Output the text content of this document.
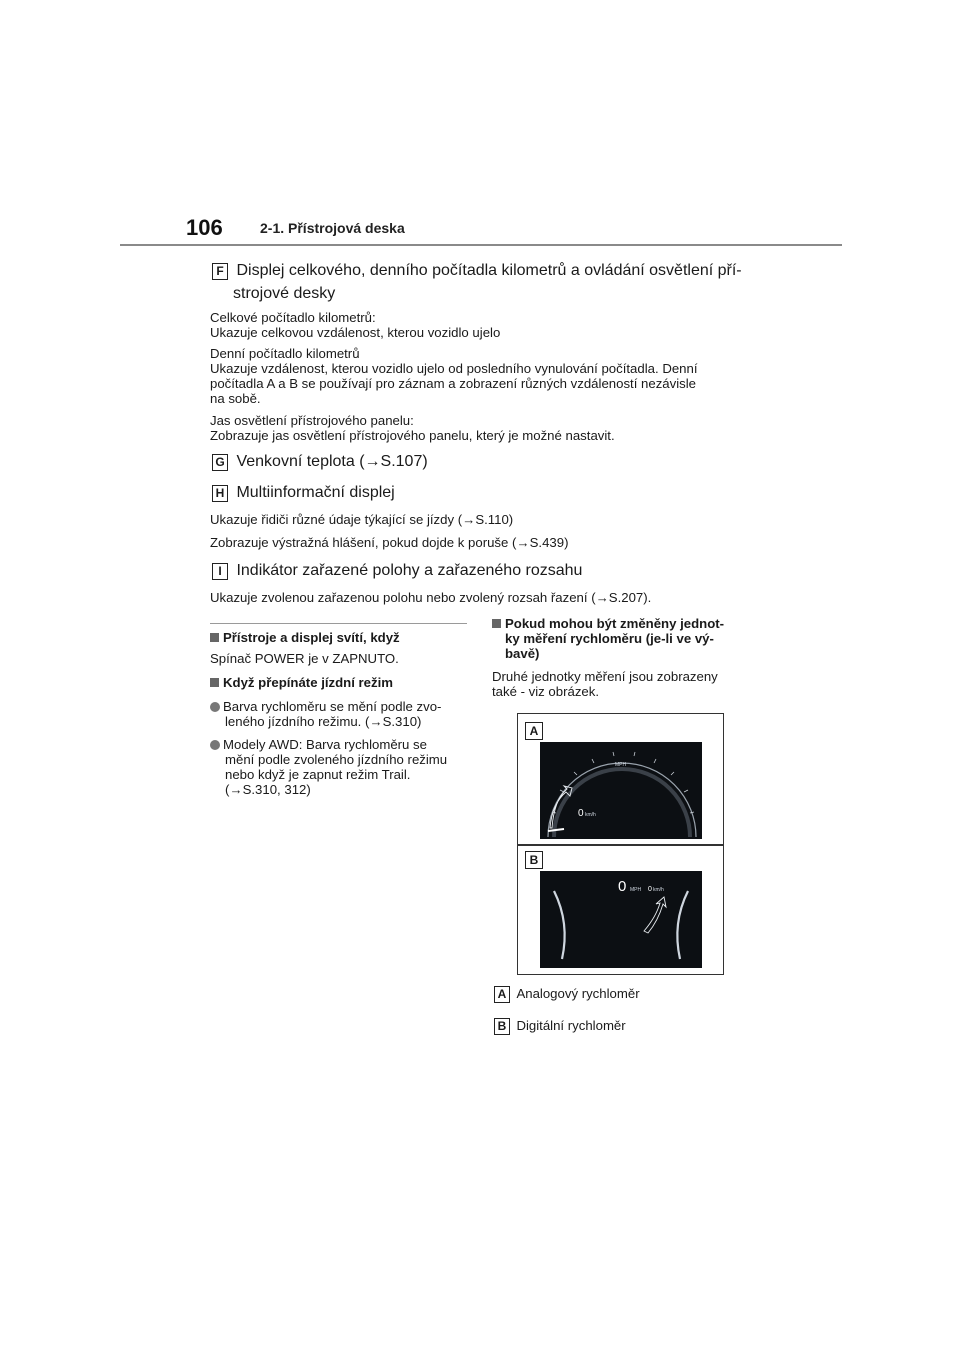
106	2-1. Přístrojová deska
F Displej celkového, denního počítadla kilometrů a ovládání osvětlení pří-
strojové desky
Celkové počítadlo kilometrů:
Ukazuje celkovou vzdálenost, kterou vozidlo ujelo
Denní počítadlo kilometrů
Ukazuje vzdálenost, kterou vozidlo ujelo od posledního vynulování počítadla. Denní
počítadla A a B se používají pro záznam a zobrazení různých vzdáleností nezávisle
na sobě.
Jas osvětlení přístrojového panelu:
Zobrazuje jas osvětlení přístrojového panelu, který je možné nastavit.
G Venkovní teplota (→S.107)
H Multiinformační displej
Ukazuje řidiči různé údaje týkající se jízdy (→S.110)
Zobrazuje výstražná hlášení, pokud dojde k poruše (→S.439)
I Indikátor zařazené polohy a zařazeného rozsahu
Ukazuje zvolenou zařazenou polohu nebo zvolený rozsah řazení (→S.207).
Přístroje a displej svítí, když
Spínač POWER je v ZAPNUTO.
Když přepínáte jízdní režim
Barva rychloměru se mění podle zvo-
leného jízdního režimu. (→S.310)
Modely AWD: Barva rychloměru se
mění podle zvoleného jízdního režimu
nebo když je zapnut režim Trail.
(→S.310, 312)
Pokud mohou být změněny jednot-
ky měření rychloměru (je-li ve vý-
bavě)
Druhé jednotky měření jsou zobrazeny
také - viz obrázek.
A
MPH
0 km/h
B
0 MPH 0 km/h
A Analogový rychloměr
B Digitální rychloměr
